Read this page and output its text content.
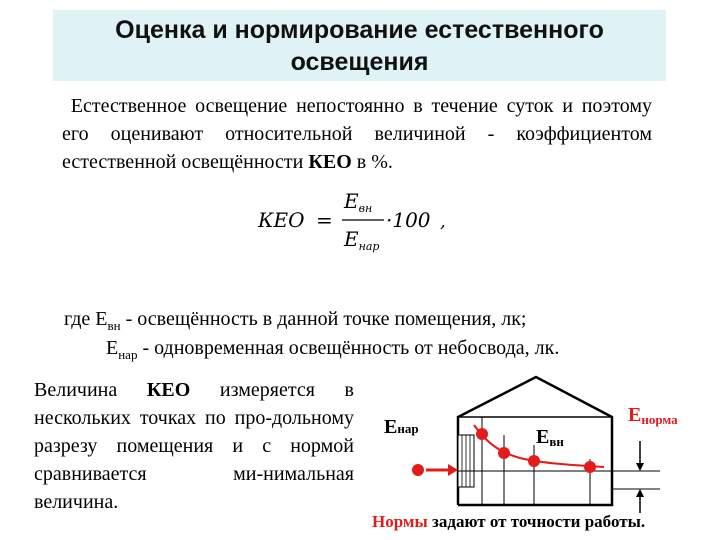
Оценка и нормирование естественного
освещения

Естественное освещение непостоянно в течение суток и поэтому его оценивают относительной величиной - коэффициентом естественной освещённости КЕО в %.

КЕО =
$E_{вн}$
$E_{нар}$
·100 ,
где $Е_{вн}$ - освещённость в данной точке помещения, лк;
$Е_{нар}$ - одновременная освещённость от небосвода, лк.
Величина КЕО измеряется в нескольких точках по про-дольному разрезу помещения и с нормой сравнивается ми-нимальная величина.
Енар	Евн
Енорма
Нормы задают от точности работы.
